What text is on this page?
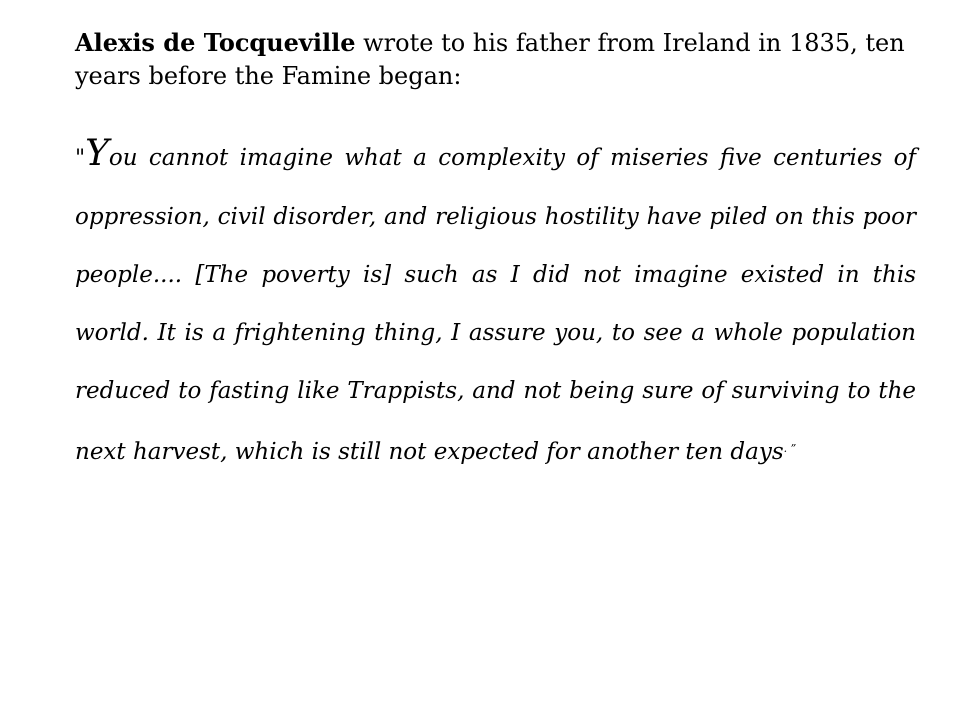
Alexis de Tocqueville wrote to his father from Ireland in 1835, ten years before the Famine began:

"You cannot imagine what a complexity of miseries five centuries of oppression, civil disorder, and religious hostility have piled on this poor people.... [The poverty is] such as I did not imagine existed in this world. It is a frightening thing, I assure you, to see a whole population reduced to fasting like Trappists, and not being sure of surviving to the next harvest, which is still not expected for another ten days. ”
